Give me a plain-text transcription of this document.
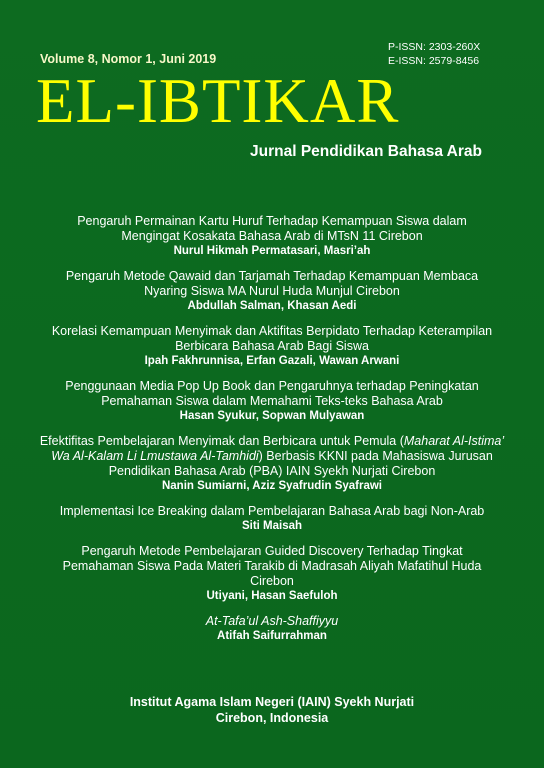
Volume 8, Nomor 1, Juni 2019
P-ISSN: 2303-260X
E-ISSN: 2579-8456
EL-IBTIKAR
Jurnal Pendidikan Bahasa Arab
Pengaruh Permainan Kartu Huruf Terhadap Kemampuan Siswa dalam
Mengingat Kosakata Bahasa Arab di MTsN 11 Cirebon
Nurul Hikmah Permatasari, Masri’ah
Pengaruh Metode Qawaid dan Tarjamah Terhadap Kemampuan Membaca
Nyaring Siswa MA Nurul Huda Munjul Cirebon
Abdullah Salman, Khasan Aedi
Korelasi Kemampuan Menyimak dan Aktifitas Berpidato Terhadap Keterampilan
Berbicara Bahasa Arab Bagi Siswa
Ipah Fakhrunnisa, Erfan Gazali, Wawan Arwani
Penggunaan Media Pop Up Book dan Pengaruhnya terhadap Peningkatan
Pemahaman Siswa dalam Memahami Teks-teks Bahasa Arab
Hasan Syukur, Sopwan Mulyawan
Efektifitas Pembelajaran Menyimak dan Berbicara untuk Pemula (Maharat Al-Istima’ Wa Al-Kalam Li Lmustawa Al-Tamhidi) Berbasis KKNI pada Mahasiswa Jurusan Pendidikan Bahasa Arab (PBA) IAIN Syekh Nurjati Cirebon
Nanin Sumiarni, Aziz Syafrudin Syafrawi
Implementasi Ice Breaking dalam Pembelajaran Bahasa Arab bagi Non-Arab
Siti Maisah
Pengaruh Metode Pembelajaran Guided Discovery Terhadap Tingkat
Pemahaman Siswa Pada Materi Tarakib di Madrasah Aliyah Mafatihul Huda
Cirebon
Utiyani, Hasan Saefuloh
At-Tafa’ul Ash-Shaffiyyu
Atifah Saifurrahman
Institut Agama Islam Negeri (IAIN) Syekh Nurjati
Cirebon, Indonesia
